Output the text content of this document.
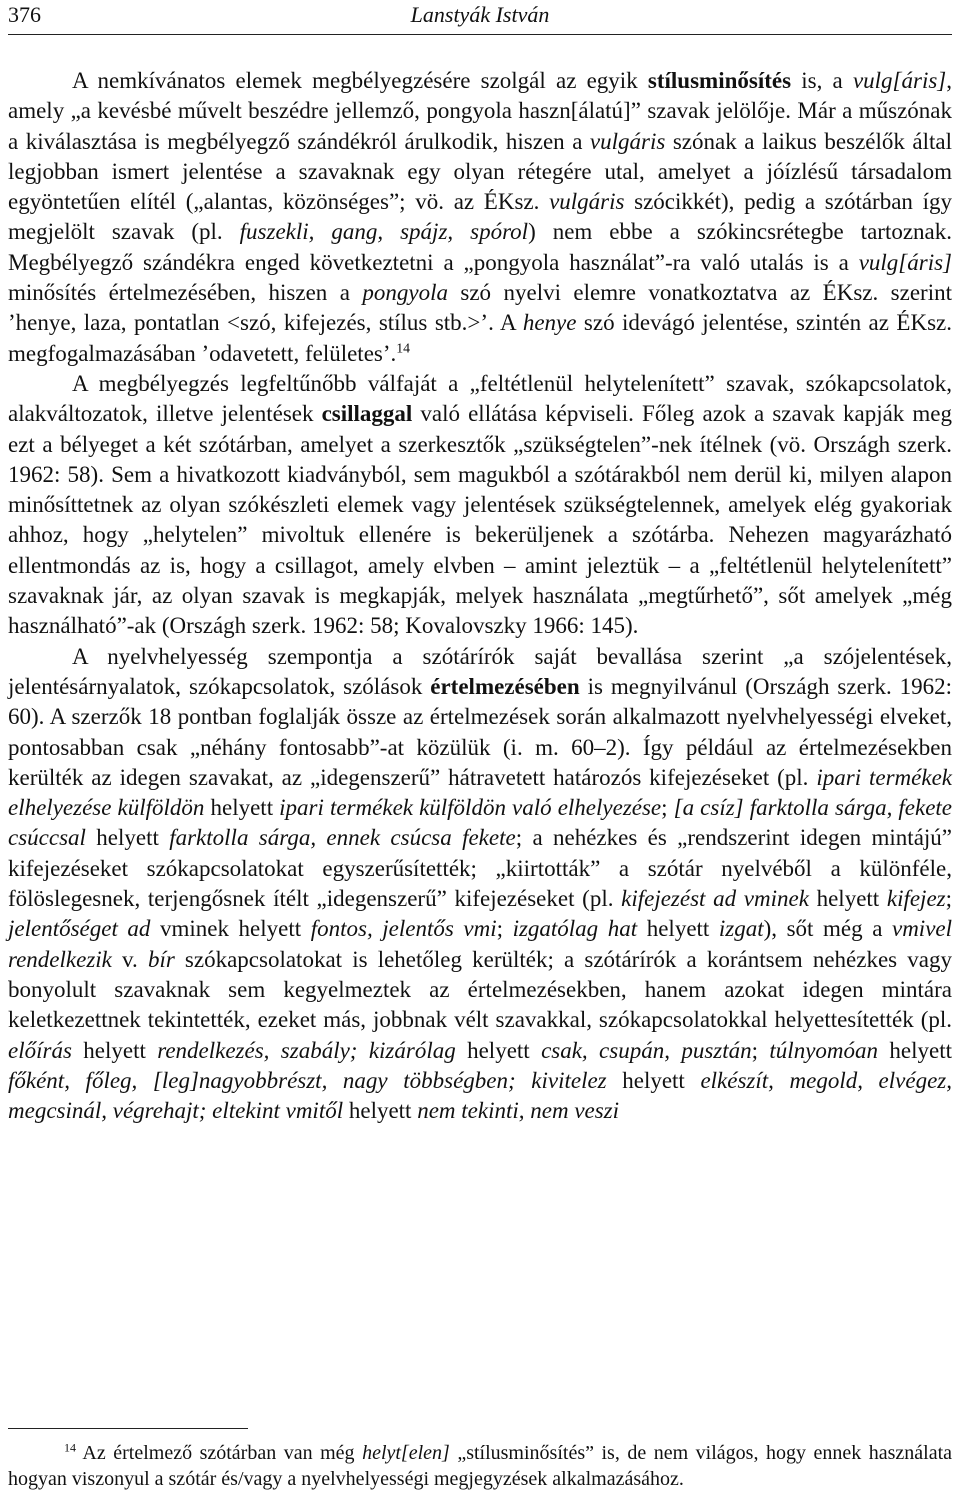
376	Lanstyák István

A nemkívánatos elemek megbélyegzésére szolgál az egyik stílusminősítés is, a vulg[áris], amely „a kevésbé művelt beszédre jellemző, pongyola haszn[álatú]” szavak jelölője. Már a műszónak a kiválasztása is megbélyegző szándékról árulkodik, hiszen a vulgáris szónak a laikus beszélők által legjobban ismert jelentése a szavaknak egy olyan rétegére utal, amelyet a jóízlésű társadalom egyöntetűen elítél („alantas, közönséges”; vö. az ÉKsz. vulgáris szócikkét), pedig a szótárban így megjelölt szavak (pl. fuszekli, gang, spájz, spórol) nem ebbe a szókincsrétegbe tartoznak. Megbélyegző szándékra enged következtetni a „pongyola használat”-ra való utalás is a vulg[áris] minősítés értelmezésében, hiszen a pongyola szó nyelvi elemre vonatkoztatva az ÉKsz. szerint ’henye, laza, pontatlan <szó, kifejezés, stílus stb.>’. A henye szó idevágó jelentése, szintén az ÉKsz. megfogalmazásában ’odavetett, felületes’.$^{14}$

A megbélyegzés legfeltűnőbb válfaját a „feltétlenül helytelenített” szavak, szókapcsolatok, alakváltozatok, illetve jelentések csillaggal való ellátása képviseli. Főleg azok a szavak kapják meg ezt a bélyeget a két szótárban, amelyet a szerkesztők „szükségtelen”-nek ítélnek (vö. Országh szerk. 1962: 58). Sem a hivatkozott kiadványból, sem magukból a szótárakból nem derül ki, milyen alapon minősíttetnek az olyan szókészleti elemek vagy jelentések szükségtelennek, amelyek elég gyakoriak ahhoz, hogy „helytelen” mivoltuk ellenére is bekerüljenek a szótárba. Nehezen magyarázható ellentmondás az is, hogy a csillagot, amely elvben – amint jeleztük – a „feltétlenül helytelenített” szavaknak jár, az olyan szavak is megkapják, melyek használata „megtűrhető”, sőt amelyek „még használható”-ak (Országh szerk. 1962: 58; Kovalovszky 1966: 145).

A nyelvhelyesség szempontja a szótárírók saját bevallása szerint „a szójelentések, jelentésárnyalatok, szókapcsolatok, szólások értelmezésében is megnyilvánul (Országh szerk. 1962: 60). A szerzők 18 pontban foglalják össze az értelmezések során alkalmazott nyelvhelyességi elveket, pontosabban csak „néhány fontosabb”-at közülük (i. m. 60–2). Így például az értelmezésekben kerülték az idegen szavakat, az „idegenszerű” hátravetett határozós kifejezéseket (pl. ipari termékek elhelyezése külföldön helyett ipari termékek külföldön való elhelyezése; [a csíz] farktolla sárga, fekete csúccsal helyett farktolla sárga, ennek csúcsa fekete; a nehézkes és „rendszerint idegen mintájú” kifejezéseket szókapcsolatokat egyszerűsítették; „kiirtották” a szótár nyelvéből a különféle, fölöslegesnek, terjengősnek ítélt „idegenszerű” kifejezéseket (pl. kifejezést ad vminek helyett kifejez; jelentőséget ad vminek helyett fontos, jelentős vmi; izgatólag hat helyett izgat), sőt még a vmivel rendelkezik v. bír szókapcsolatokat is lehetőleg kerülték; a szótárírók a korántsem nehézkes vagy bonyolult szavaknak sem kegyelmeztek az értelmezésekben, hanem azokat idegen mintára keletkezettnek tekintették, ezeket más, jobbnak vélt szavakkal, szókapcsolatokkal helyettesítették (pl. előírás helyett rendelkezés, szabály; kizárólag helyett csak, csupán, pusztán; túlnyomóan helyett főként, főleg, [leg]nagyobbrészt, nagy többségben; kivitelez helyett elkészít, megold, elvégez, megcsinál, végrehajt; eltekint vmitől helyett nem tekinti, nem veszi

$^{14}$ Az értelmező szótárban van még helyt[elen] „stílusminősítés” is, de nem világos, hogy ennek használata hogyan viszonyul a szótár és/vagy a nyelvhelyességi megjegyzések alkalmazásához.
